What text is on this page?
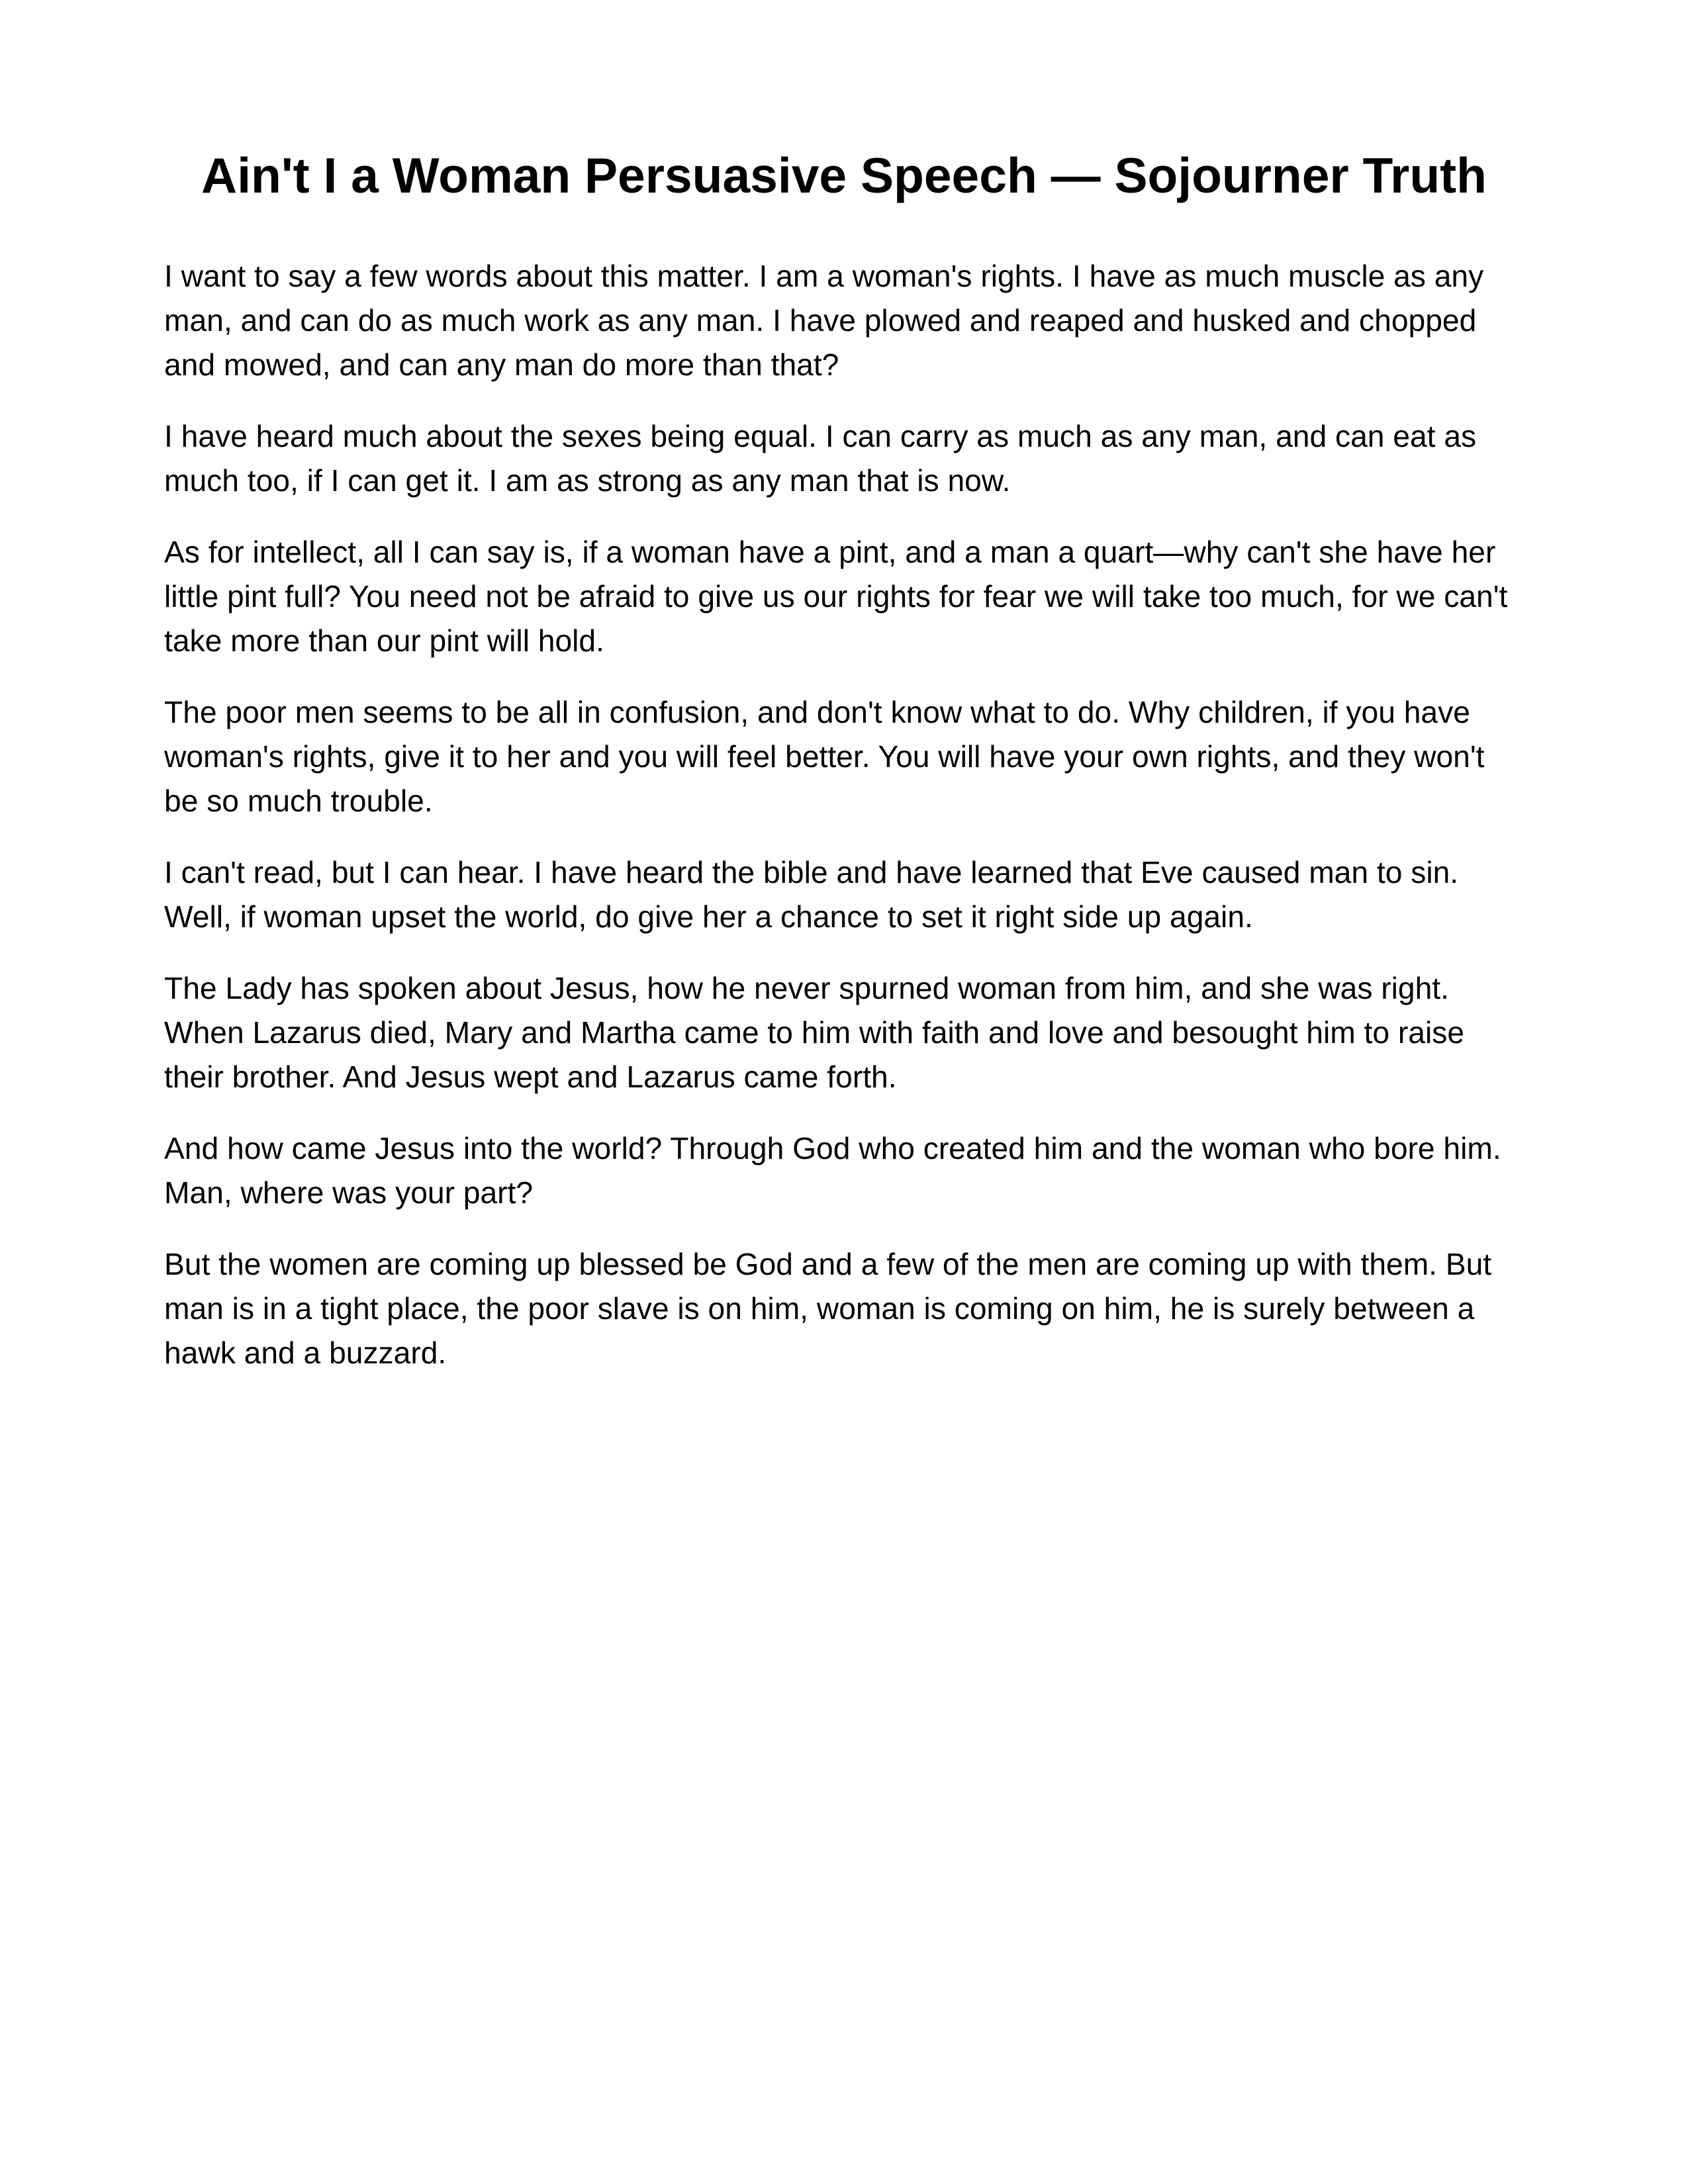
Ain't I a Woman Persuasive Speech — Sojourner Truth

I want to say a few words about this matter. I am a woman's rights. I have as much muscle as any man, and can do as much work as any man. I have plowed and reaped and husked and chopped and mowed, and can any man do more than that?

I have heard much about the sexes being equal. I can carry as much as any man, and can eat as much too, if I can get it. I am as strong as any man that is now.

As for intellect, all I can say is, if a woman have a pint, and a man a quart—why can't she have her little pint full? You need not be afraid to give us our rights for fear we will take too much, for we can't take more than our pint will hold.

The poor men seems to be all in confusion, and don't know what to do. Why children, if you have woman's rights, give it to her and you will feel better. You will have your own rights, and they won't be so much trouble.

I can't read, but I can hear. I have heard the bible and have learned that Eve caused man to sin. Well, if woman upset the world, do give her a chance to set it right side up again.

The Lady has spoken about Jesus, how he never spurned woman from him, and she was right. When Lazarus died, Mary and Martha came to him with faith and love and besought him to raise their brother. And Jesus wept and Lazarus came forth.

And how came Jesus into the world? Through God who created him and the woman who bore him. Man, where was your part?

But the women are coming up blessed be God and a few of the men are coming up with them. But man is in a tight place, the poor slave is on him, woman is coming on him, he is surely between a hawk and a buzzard.
